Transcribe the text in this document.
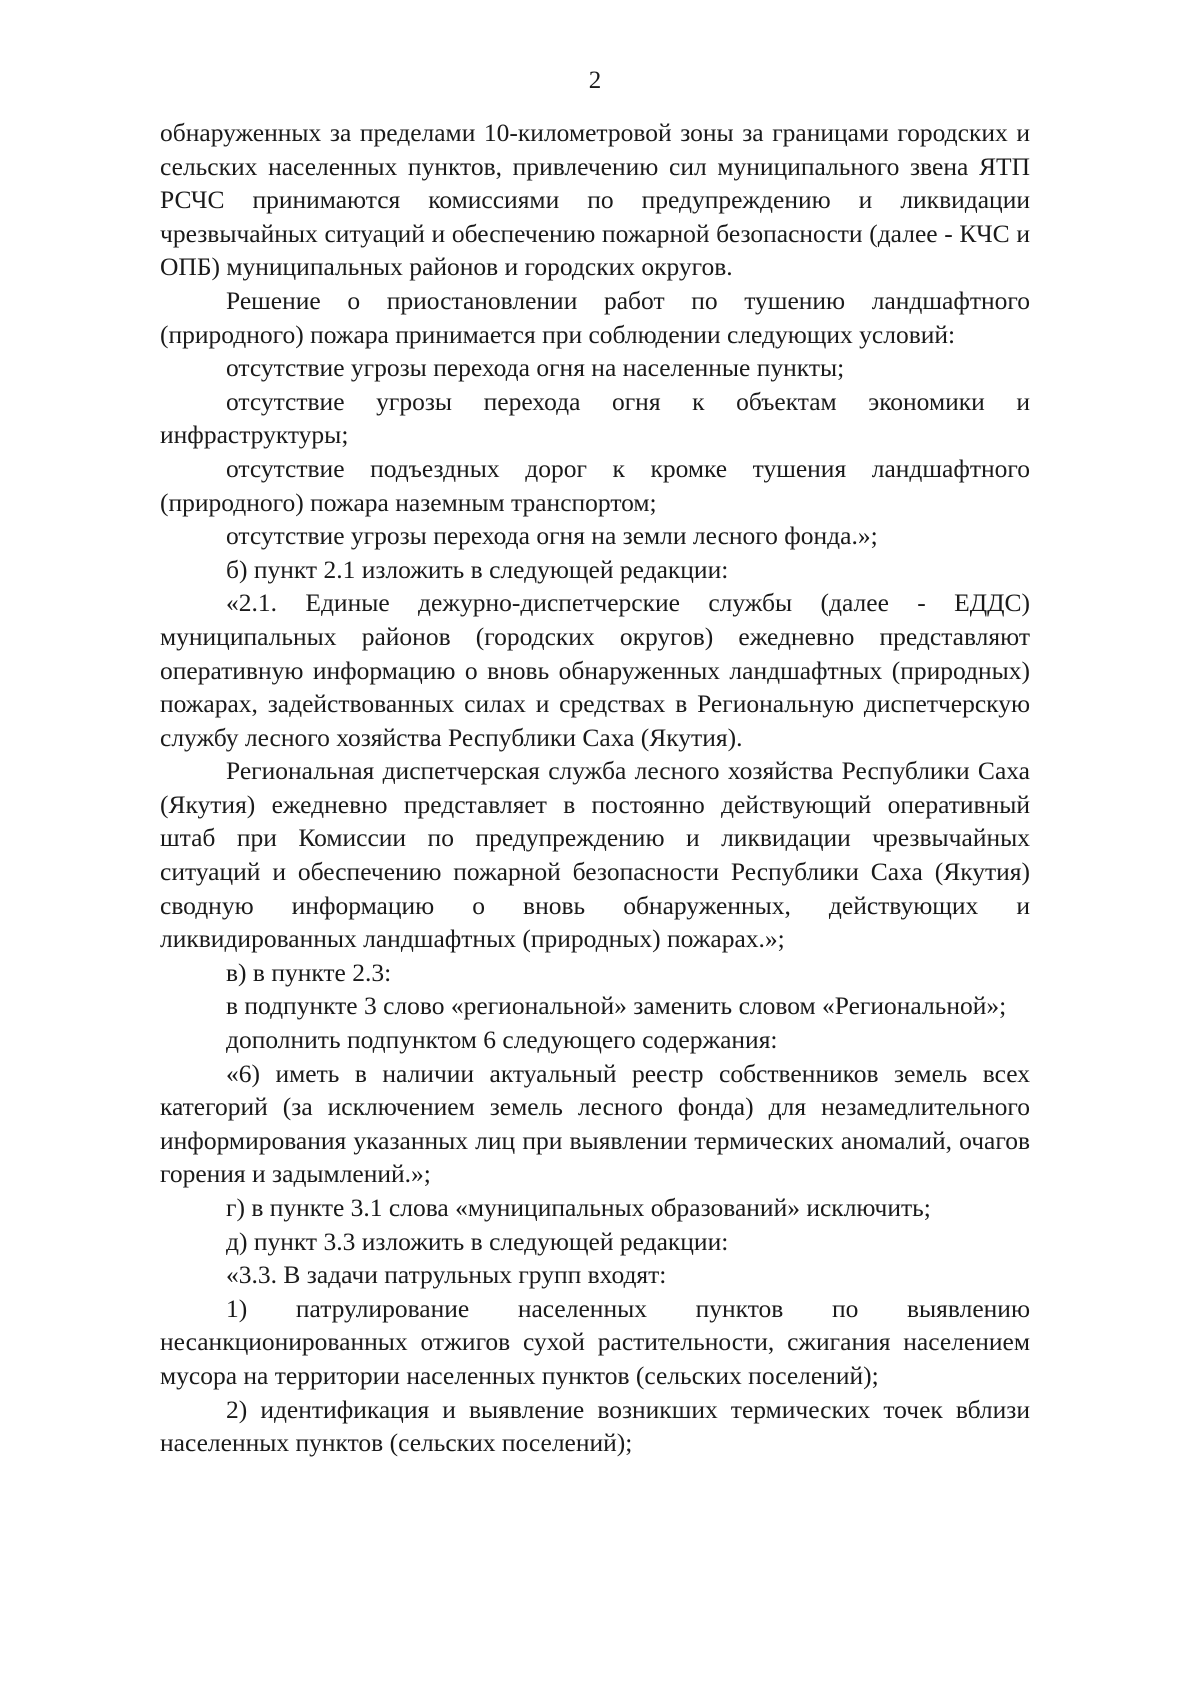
2

обнаруженных за пределами 10-километровой зоны за границами городских и сельских населенных пунктов, привлечению сил муниципального звена ЯТП РСЧС принимаются комиссиями по предупреждению и ликвидации чрезвычайных ситуаций и обеспечению пожарной безопасности (далее - КЧС и ОПБ) муниципальных районов и городских округов.

Решение о приостановлении работ по тушению ландшафтного (природного) пожара принимается при соблюдении следующих условий:

отсутствие угрозы перехода огня на населенные пункты;

отсутствие угрозы перехода огня к объектам экономики и инфраструктуры;

отсутствие подъездных дорог к кромке тушения ландшафтного (природного) пожара наземным транспортом;

отсутствие угрозы перехода огня на земли лесного фонда.»;

б) пункт 2.1 изложить в следующей редакции:

«2.1. Единые дежурно-диспетчерские службы (далее - ЕДДС) муниципальных районов (городских округов) ежедневно представляют оперативную информацию о вновь обнаруженных ландшафтных (природных) пожарах, задействованных силах и средствах в Региональную диспетчерскую службу лесного хозяйства Республики Саха (Якутия).

Региональная диспетчерская служба лесного хозяйства Республики Саха (Якутия) ежедневно представляет в постоянно действующий оперативный штаб при Комиссии по предупреждению и ликвидации чрезвычайных ситуаций и обеспечению пожарной безопасности Республики Саха (Якутия) сводную информацию о вновь обнаруженных, действующих и ликвидированных ландшафтных (природных) пожарах.»;

в) в пункте 2.3:

в подпункте 3 слово «региональной» заменить словом «Региональной»;

дополнить подпунктом 6 следующего содержания:

«6) иметь в наличии актуальный реестр собственников земель всех категорий (за исключением земель лесного фонда) для незамедлительного информирования указанных лиц при выявлении термических аномалий, очагов горения и задымлений.»;

г) в пункте 3.1 слова «муниципальных образований» исключить;

д) пункт 3.3 изложить в следующей редакции:

«3.3. В задачи патрульных групп входят:

1) патрулирование населенных пунктов по выявлению несанкционированных отжигов сухой растительности, сжигания населением мусора на территории населенных пунктов (сельских поселений);

2) идентификация и выявление возникших термических точек вблизи населенных пунктов (сельских поселений);
